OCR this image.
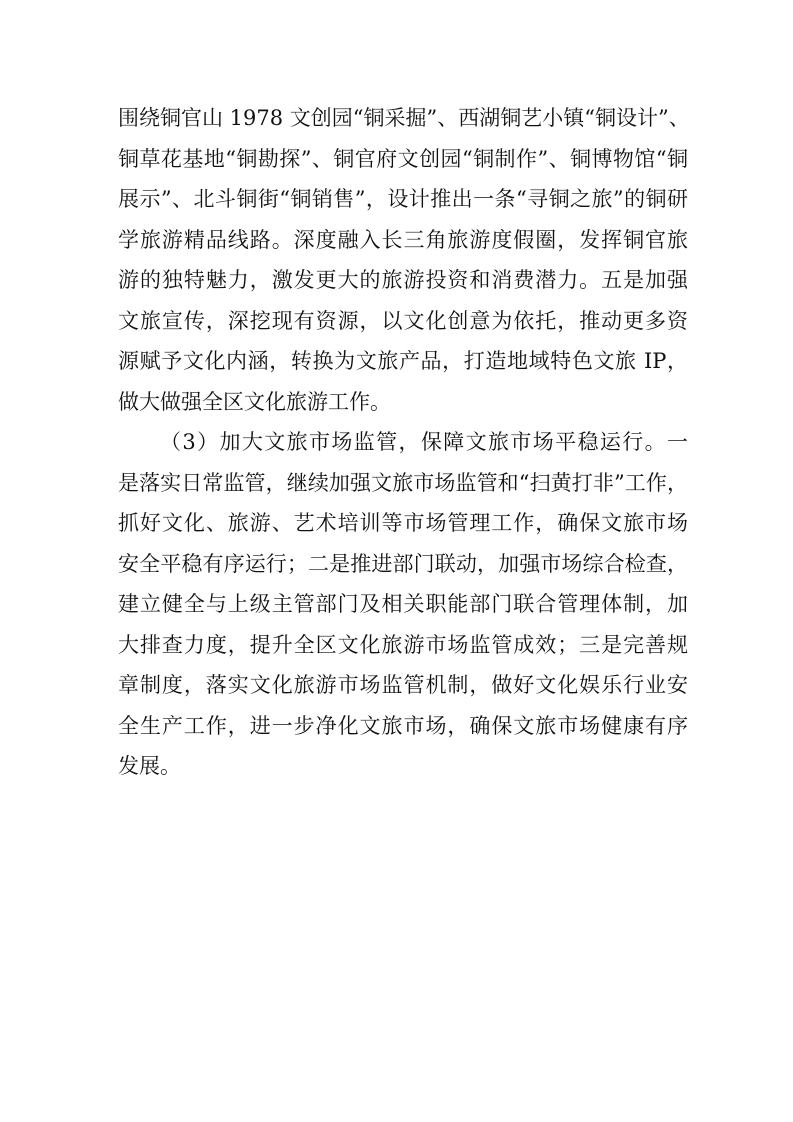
围绕铜官山 1978 文创园“铜采掘”、西湖铜艺小镇“铜设计”、
铜草花基地“铜勘探”、铜官府文创园“铜制作”、铜博物馆“铜
展示”、北斗铜街“铜销售”，设计推出一条“寻铜之旅”的铜研
学旅游精品线路。深度融入长三角旅游度假圈，发挥铜官旅
游的独特魅力，激发更大的旅游投资和消费潜力。五是加强
文旅宣传，深挖现有资源，以文化创意为依托，推动更多资
源赋予文化内涵，转换为文旅产品，打造地域特色文旅 IP，
做大做强全区文化旅游工作。
（3）加大文旅市场监管，保障文旅市场平稳运行。一
是落实日常监管，继续加强文旅市场监管和“扫黄打非”工作，
抓好文化、旅游、艺术培训等市场管理工作，确保文旅市场
安全平稳有序运行；二是推进部门联动，加强市场综合检查，
建立健全与上级主管部门及相关职能部门联合管理体制，加
大排查力度，提升全区文化旅游市场监管成效；三是完善规
章制度，落实文化旅游市场监管机制，做好文化娱乐行业安
全生产工作，进一步净化文旅市场，确保文旅市场健康有序
发展。
